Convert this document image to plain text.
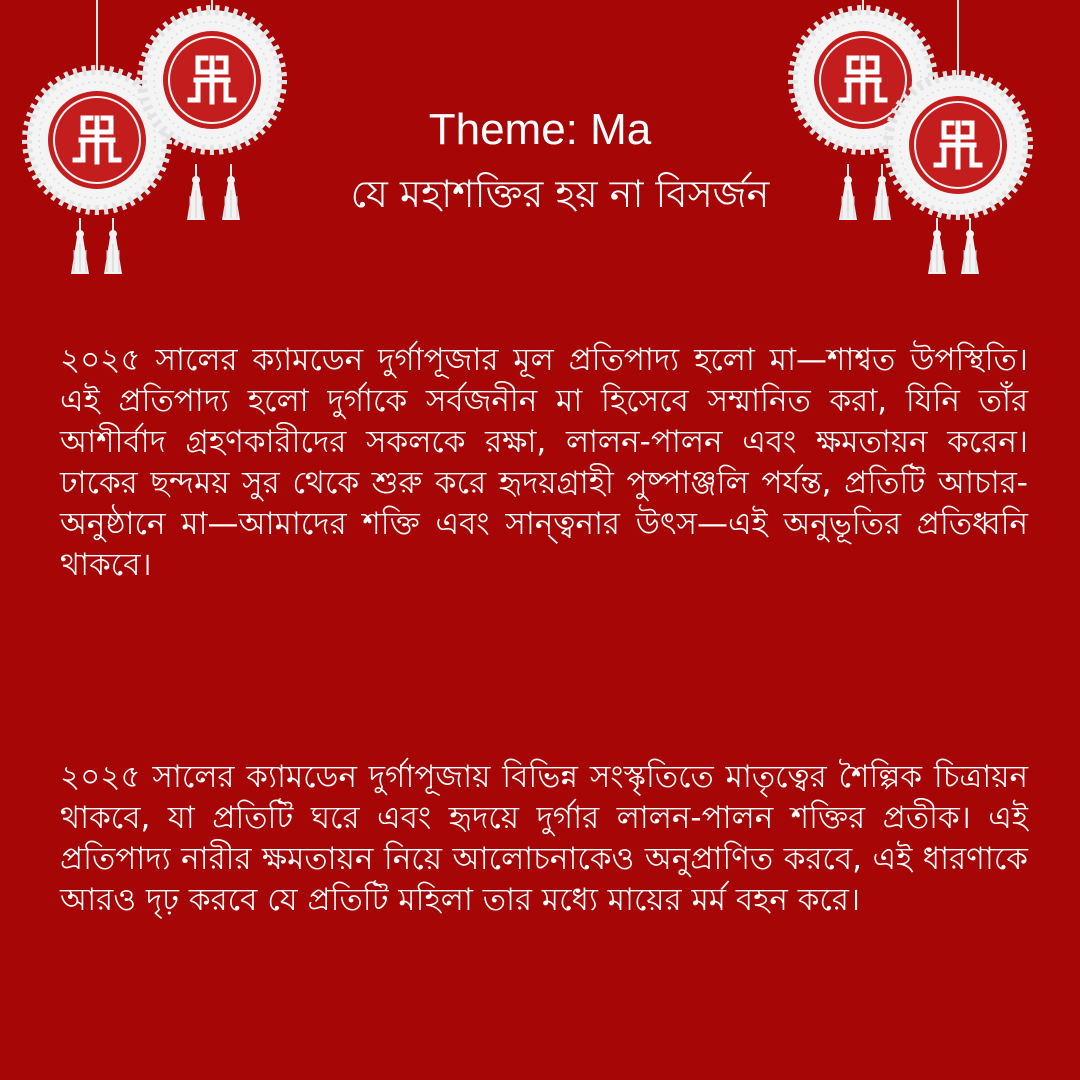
Theme: Ma
যে মহাশক্তির হয় না বিসর্জন

২০২৫ সালের ক্যামডেন দুর্গাপূজার মূল প্রতিপাদ্য হলো মা—শাশ্বত উপস্থিতি। এই প্রতিপাদ্য হলো দুর্গাকে সর্বজনীন মা হিসেবে সম্মানিত করা, যিনি তাঁর আশীর্বাদ গ্রহণকারীদের সকলকে রক্ষা, লালন-পালন এবং ক্ষমতায়ন করেন। ঢাকের ছন্দময় সুর থেকে শুরু করে হৃদয়গ্রাহী পুষ্পাঞ্জলি পর্যন্ত, প্রতিটি আচার-অনুষ্ঠানে মা—আমাদের শক্তি এবং সান্ত্বনার উৎস—এই অনুভূতির প্রতিধ্বনি থাকবে।

২০২৫ সালের ক্যামডেন দুর্গাপূজায় বিভিন্ন সংস্কৃতিতে মাতৃত্বের শৈল্পিক চিত্রায়ন থাকবে, যা প্রতিটি ঘরে এবং হৃদয়ে দুর্গার লালন-পালন শক্তির প্রতীক। এই প্রতিপাদ্য নারীর ক্ষমতায়ন নিয়ে আলোচনাকেও অনুপ্রাণিত করবে, এই ধারণাকে আরও দৃঢ় করবে যে প্রতিটি মহিলা তার মধ্যে মায়ের মর্ম বহন করে।
